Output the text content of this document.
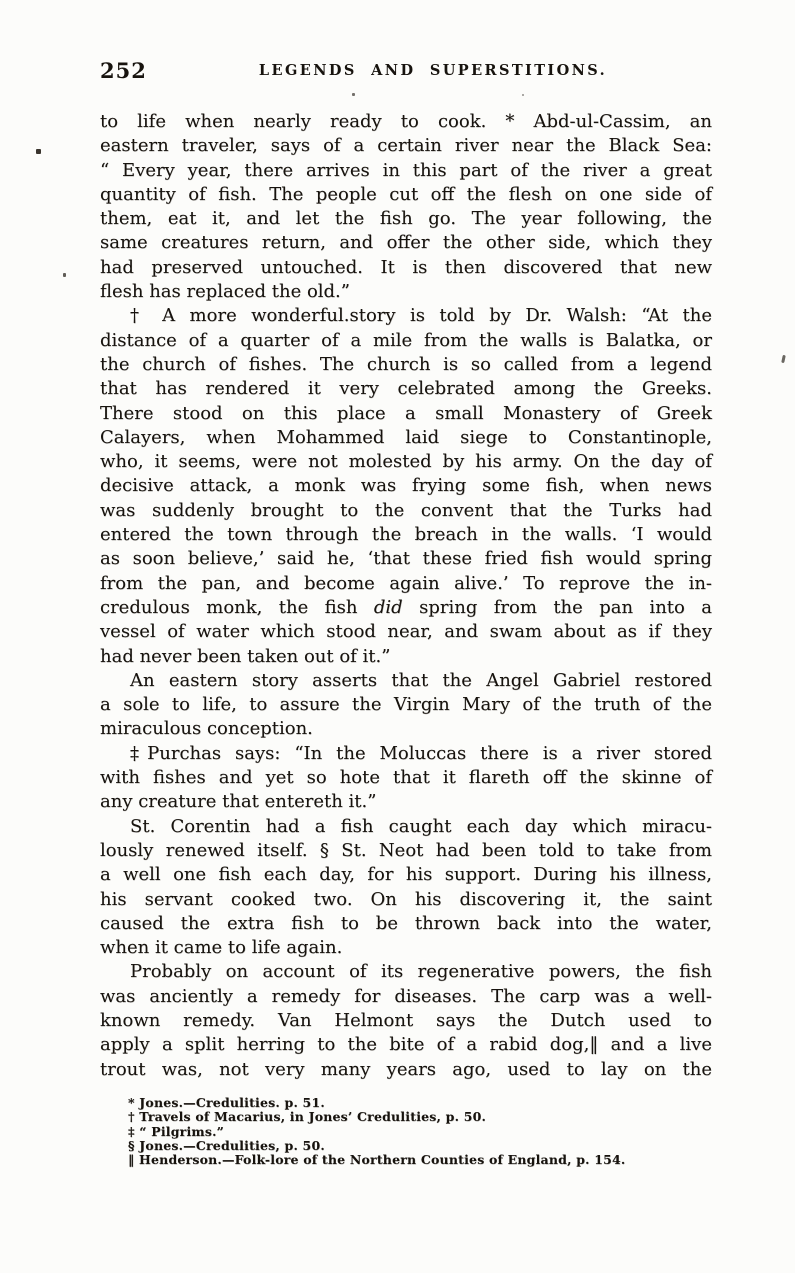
252	LEGENDS AND SUPERSTITIONS.
to life when nearly ready to cook. * Abd-ul-Cassim, an
eastern traveler, says of a certain river near the Black Sea:
“ Every year, there arrives in this part of the river a great
quantity of fish. The people cut off the flesh on one side of
them, eat it, and let the fish go. The year following, the
same creatures return, and offer the other side, which they
had preserved untouched. It is then discovered that new
flesh has replaced the old.”
† A more wonderful.story is told by Dr. Walsh: “At the
distance of a quarter of a mile from the walls is Balatka, or
the church of fishes. The church is so called from a legend
that has rendered it very celebrated among the Greeks.
There stood on this place a small Monastery of Greek
Calayers, when Mohammed laid siege to Constantinople,
who, it seems, were not molested by his army. On the day of
decisive attack, a monk was frying some fish, when news
was suddenly brought to the convent that the Turks had
entered the town through the breach in the walls. ‘I would
as soon believe,’ said he, ‘that these fried fish would spring
from the pan, and become again alive.’ To reprove the in-
credulous monk, the fish did spring from the pan into a
vessel of water which stood near, and swam about as if they
had never been taken out of it.”
An eastern story asserts that the Angel Gabriel restored
a sole to life, to assure the Virgin Mary of the truth of the
miraculous conception.
‡Purchas says: “In the Moluccas there is a river stored
with fishes and yet so hote that it flareth off the skinne of
any creature that entereth it.”
St. Corentin had a fish caught each day which miracu-
lously renewed itself. § St. Neot had been told to take from
a well one fish each day, for his support. During his illness,
his servant cooked two. On his discovering it, the saint
caused the extra fish to be thrown back into the water,
when it came to life again.
Probably on account of its regenerative powers, the fish
was anciently a remedy for diseases. The carp was a well-
known remedy. Van Helmont says the Dutch used to
apply a split herring to the bite of a rabid dog,‖ and a live
trout was, not very many years ago, used to lay on the
* Jones.—Credulities. p. 51.
† Travels of Macarius, in Jones’ Credulities, p. 50.
‡ “ Pilgrims.”
§ Jones.—Credulities, p. 50.
‖ Henderson.—Folk-lore of the Northern Counties of England, p. 154.
